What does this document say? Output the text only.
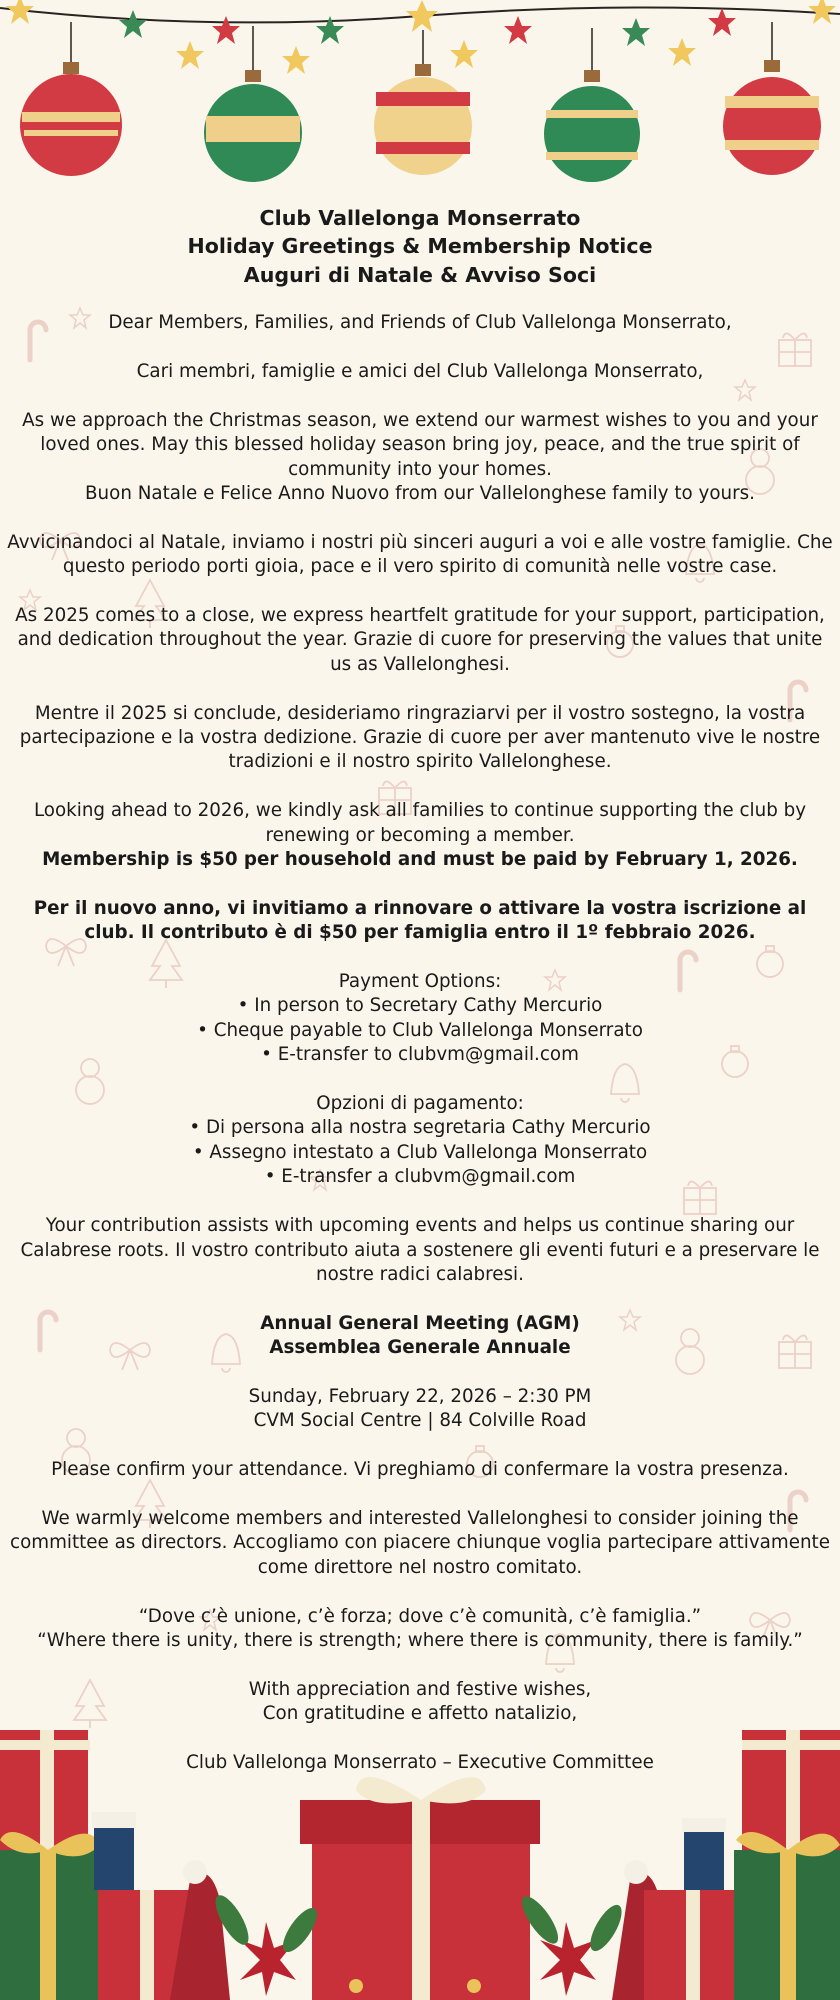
Club Vallelonga Monserrato
Holiday Greetings & Membership Notice
Auguri di Natale & Avviso Soci

Dear Members, Families, and Friends of Club Vallelonga Monserrato,

Cari membri, famiglie e amici del Club Vallelonga Monserrato,

As we approach the Christmas season, we extend our warmest wishes to you and your loved ones. May this blessed holiday season bring joy, peace, and the true spirit of community into your homes.
Buon Natale e Felice Anno Nuovo from our Vallelonghese family to yours.

Avvicinandoci al Natale, inviamo i nostri più sinceri auguri a voi e alle vostre famiglie. Che questo periodo porti gioia, pace e il vero spirito di comunità nelle vostre case.

As 2025 comes to a close, we express heartfelt gratitude for your support, participation, and dedication throughout the year. Grazie di cuore for preserving the values that unite us as Vallelonghesi.

Mentre il 2025 si conclude, desideriamo ringraziarvi per il vostro sostegno, la vostra partecipazione e la vostra dedizione. Grazie di cuore per aver mantenuto vive le nostre tradizioni e il nostro spirito Vallelonghese.

Looking ahead to 2026, we kindly ask all families to continue supporting the club by renewing or becoming a member.
Membership is $50 per household and must be paid by February 1, 2026.

Per il nuovo anno, vi invitiamo a rinnovare o attivare la vostra iscrizione al club. Il contributo è di $50 per famiglia entro il 1º febbraio 2026.

Payment Options:
• In person to Secretary Cathy Mercurio
• Cheque payable to Club Vallelonga Monserrato
• E-transfer to clubvm@gmail.com

Opzioni di pagamento:
• Di persona alla nostra segretaria Cathy Mercurio
• Assegno intestato a Club Vallelonga Monserrato
• E-transfer a clubvm@gmail.com

Your contribution assists with upcoming events and helps us continue sharing our Calabrese roots. Il vostro contributo aiuta a sostenere gli eventi futuri e a preservare le nostre radici calabresi.

Annual General Meeting (AGM)
Assemblea Generale Annuale

Sunday, February 22, 2026 – 2:30 PM
CVM Social Centre | 84 Colville Road

Please confirm your attendance. Vi preghiamo di confermare la vostra presenza.

We warmly welcome members and interested Vallelonghesi to consider joining the committee as directors. Accogliamo con piacere chiunque voglia partecipare attivamente come direttore nel nostro comitato.

“Dove c’è unione, c’è forza; dove c’è comunità, c’è famiglia.”
“Where there is unity, there is strength; where there is community, there is family.”

With appreciation and festive wishes,
Con gratitudine e affetto natalizio,

Club Vallelonga Monserrato – Executive Committee
